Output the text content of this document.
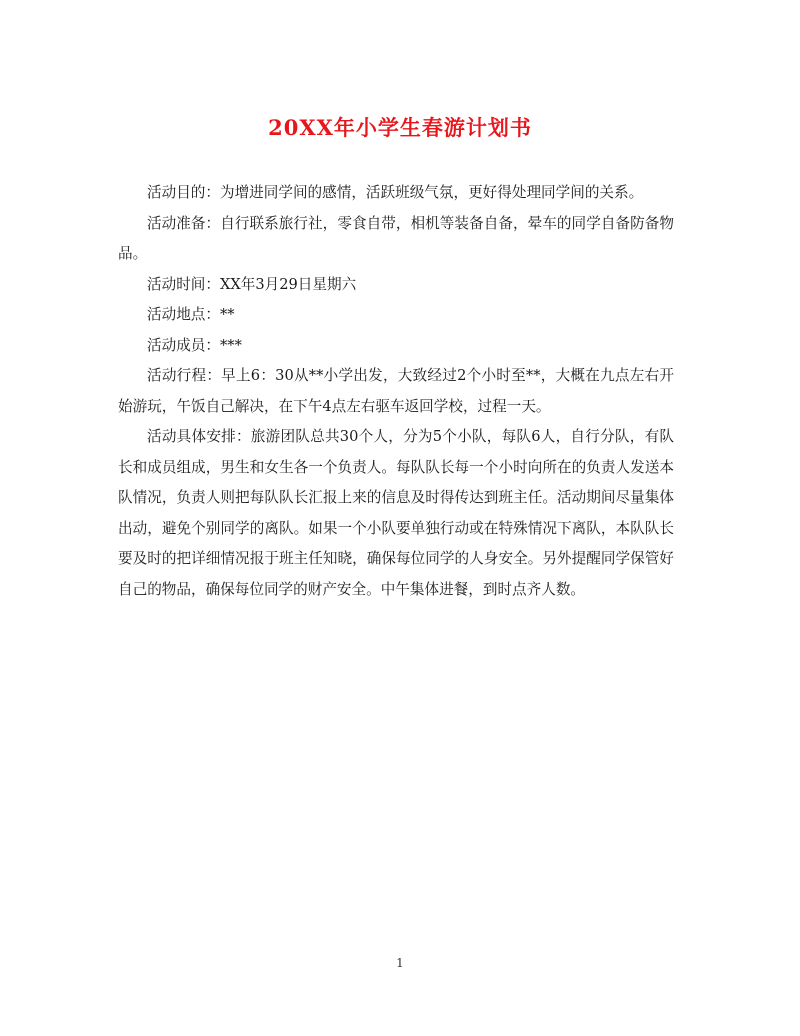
20XX年小学生春游计划书

活动目的：为增进同学间的感情，活跃班级气氛，更好得处理同学间的关系。

活动准备：自行联系旅行社，零食自带，相机等装备自备，晕车的同学自备防备物品。

活动时间：XX年3月29日星期六

活动地点：**

活动成员：***

活动行程：早上6：30从**小学出发，大致经过2个小时至**，大概在九点左右开始游玩，午饭自己解决，在下午4点左右驱车返回学校，过程一天。

活动具体安排：旅游团队总共30个人，分为5个小队，每队6人，自行分队，有队长和成员组成，男生和女生各一个负责人。每队队长每一个小时向所在的负责人发送本队情况，负责人则把每队队长汇报上来的信息及时得传达到班主任。活动期间尽量集体出动，避免个别同学的离队。如果一个小队要单独行动或在特殊情况下离队，本队队长要及时的把详细情况报于班主任知晓，确保每位同学的人身安全。另外提醒同学保管好自己的物品，确保每位同学的财产安全。中午集体进餐，到时点齐人数。

1
